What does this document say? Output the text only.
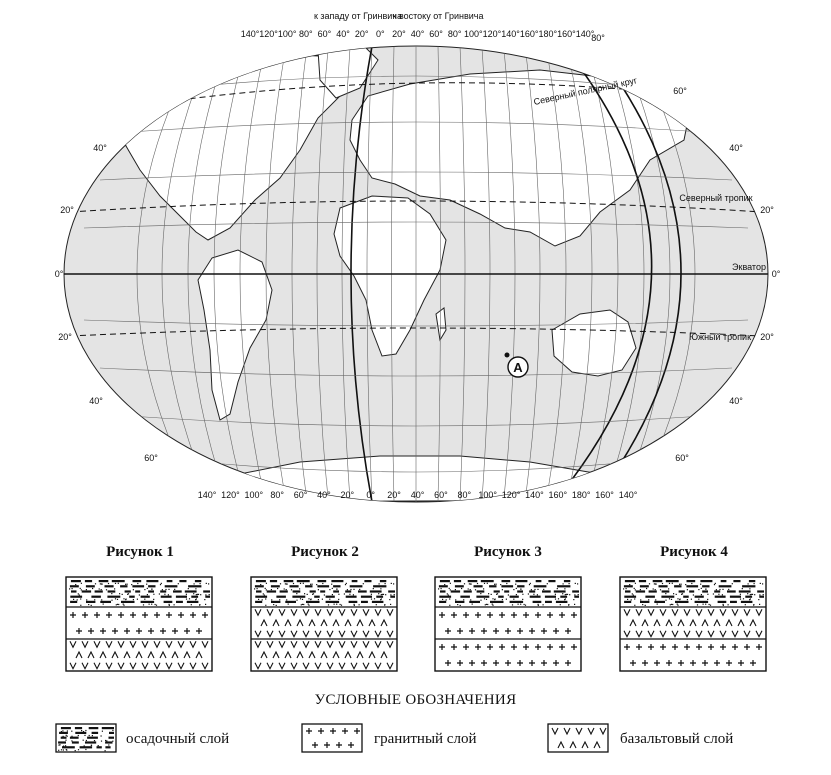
A
к западу от Гринвича
к востоку от Гринвича
140° 120° 100° 80° 60° 40° 20° 0° 20° 40° 60° 80° 100° 120° 140° 160° 180° 160° 140°
140° 120° 100° 80° 60° 40° 20° 0° 20° 40° 60° 80° 100° 120° 140° 160° 180° 160° 140°
80°
40°
20°
0°
20°
40°
60°
60°
40°
20°
0°
20°
40°
60°
Северный полярный круг
Северный тропик
Экватор
Южный тропик
Рисунок 1	Рисунок 2	Рисунок 3	Рисунок 4
УСЛОВНЫЕ ОБОЗНАЧЕНИЯ
осадочный слой	гранитный слой	базальтовый слой
